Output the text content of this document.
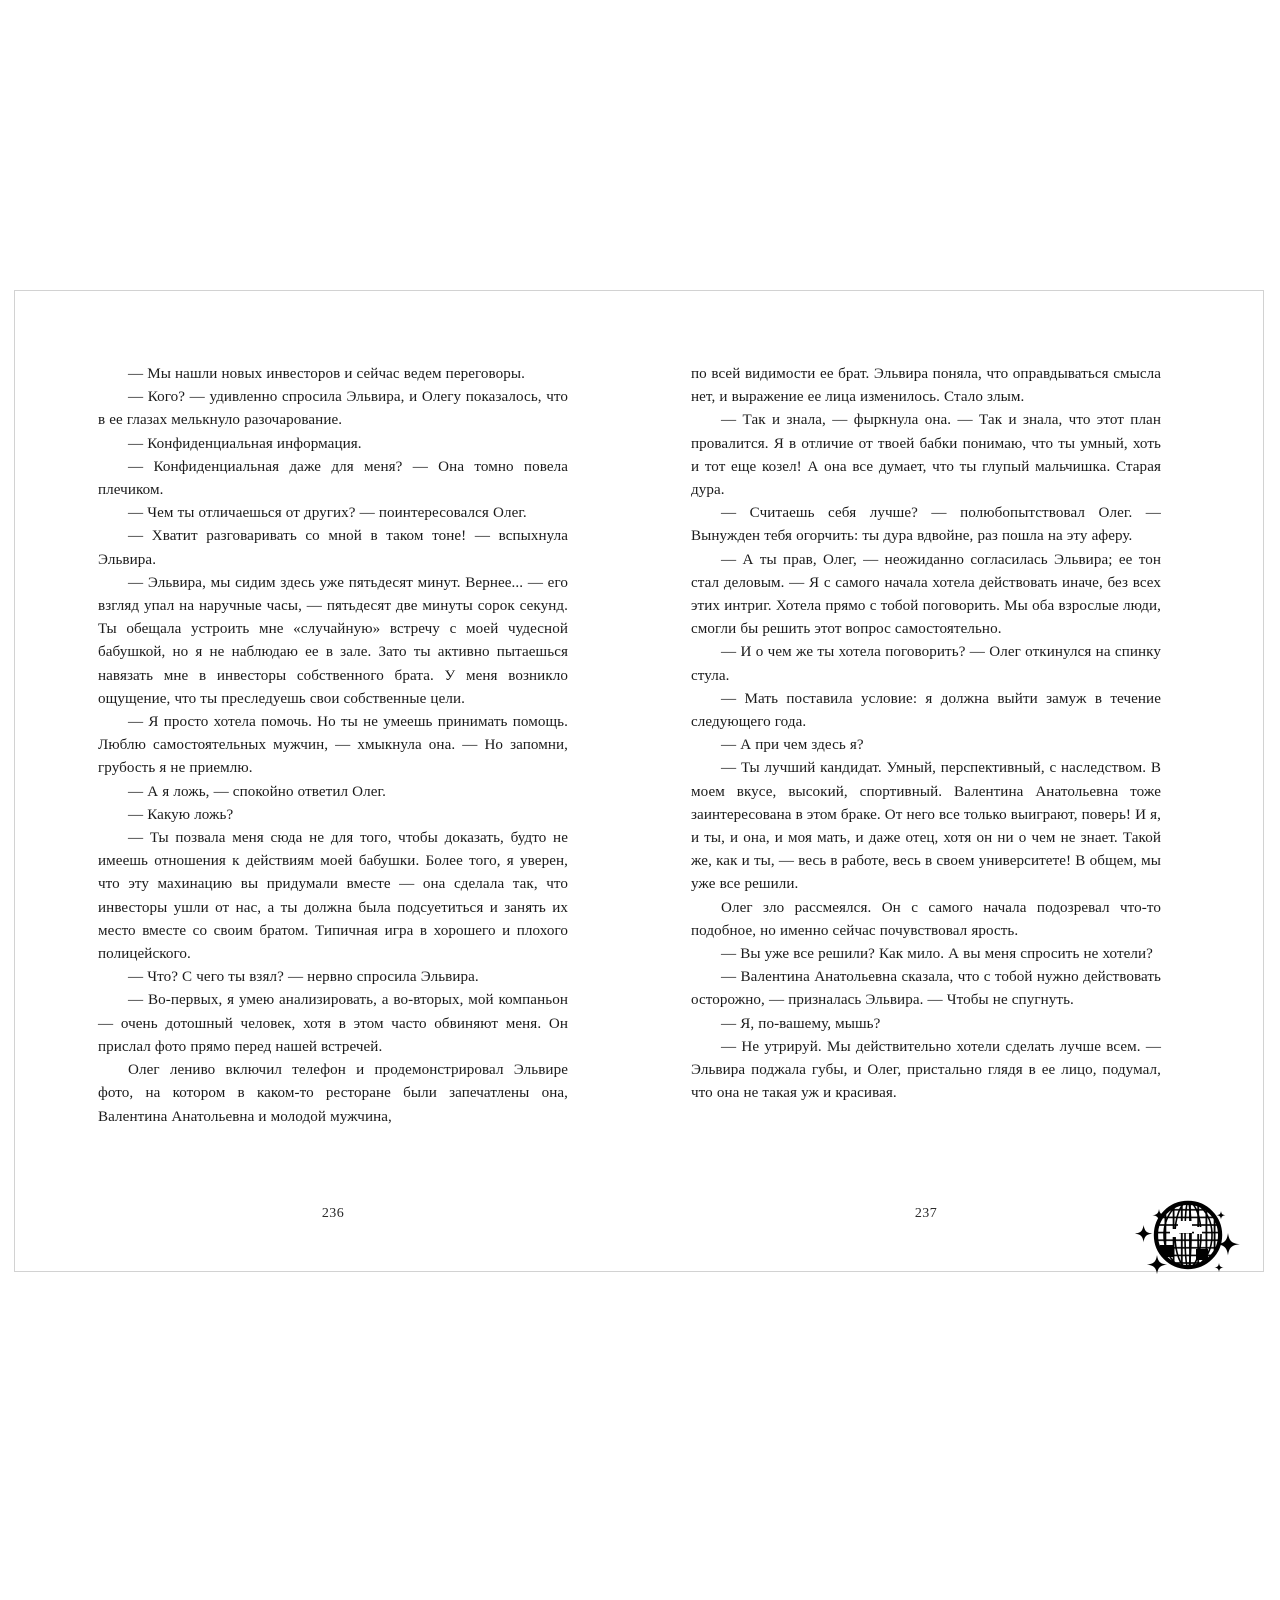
— Мы нашли новых инвесторов и сейчас ведем переговоры.

— Кого? — удивленно спросила Эльвира, и Олегу показалось, что в ее глазах мелькнуло разочарование.

— Конфиденциальная информация.

— Конфиденциальная даже для меня? — Она томно повела плечиком.

— Чем ты отличаешься от других? — поинтересовался Олег.

— Хватит разговаривать со мной в таком тоне! — вспыхнула Эльвира.

— Эльвира, мы сидим здесь уже пятьдесят минут. Вернее... — его взгляд упал на наручные часы, — пятьдесят две минуты сорок секунд. Ты обещала устроить мне «случайную» встречу с моей чудесной бабушкой, но я не наблюдаю ее в зале. Зато ты активно пытаешься навязать мне в инвесторы собственного брата. У меня возникло ощущение, что ты преследуешь свои собственные цели.

— Я просто хотела помочь. Но ты не умеешь принимать помощь. Люблю самостоятельных мужчин, — хмыкнула она. — Но запомни, грубость я не приемлю.

— А я ложь, — спокойно ответил Олег.

— Какую ложь?

— Ты позвала меня сюда не для того, чтобы доказать, будто не имеешь отношения к действиям моей бабушки. Более того, я уверен, что эту махинацию вы придумали вместе — она сделала так, что инвесторы ушли от нас, а ты должна была подсуетиться и занять их место вместе со своим братом. Типичная игра в хорошего и плохого полицейского.

— Что? С чего ты взял? — нервно спросила Эльвира.

— Во-первых, я умею анализировать, а во-вторых, мой компаньон — очень дотошный человек, хотя в этом часто обвиняют меня. Он прислал фото прямо перед нашей встречей.

Олег лениво включил телефон и продемонстрировал Эльвире фото, на котором в каком-то ресторане были запечатлены она, Валентина Анатольевна и молодой мужчина,

по всей видимости ее брат. Эльвира поняла, что оправдываться смысла нет, и выражение ее лица изменилось. Стало злым.

— Так и знала, — фыркнула она. — Так и знала, что этот план провалится. Я в отличие от твоей бабки понимаю, что ты умный, хоть и тот еще козел! А она все думает, что ты глупый мальчишка. Старая дура.

— Считаешь себя лучше? — полюбопытствовал Олег. — Вынужден тебя огорчить: ты дура вдвойне, раз пошла на эту аферу.

— А ты прав, Олег, — неожиданно согласилась Эльвира; ее тон стал деловым. — Я с самого начала хотела действовать иначе, без всех этих интриг. Хотела прямо с тобой поговорить. Мы оба взрослые люди, смогли бы решить этот вопрос самостоятельно.

— И о чем же ты хотела поговорить? — Олег откинулся на спинку стула.

— Мать поставила условие: я должна выйти замуж в течение следующего года.

— А при чем здесь я?

— Ты лучший кандидат. Умный, перспективный, с наследством. В моем вкусе, высокий, спортивный. Валентина Анатольевна тоже заинтересована в этом браке. От него все только выиграют, поверь! И я, и ты, и она, и моя мать, и даже отец, хотя он ни о чем не знает. Такой же, как и ты, — весь в работе, весь в своем университете! В общем, мы уже все решили.

Олег зло рассмеялся. Он с самого начала подозревал что-то подобное, но именно сейчас почувствовал ярость.

— Вы уже все решили? Как мило. А вы меня спросить не хотели?

— Валентина Анатольевна сказала, что с тобой нужно действовать осторожно, — призналась Эльвира. — Чтобы не спугнуть.

— Я, по-вашему, мышь?

— Не утрируй. Мы действительно хотели сделать лучше всем. — Эльвира поджала губы, и Олег, пристально глядя в ее лицо, подумал, что она не такая уж и красивая.

236	237
